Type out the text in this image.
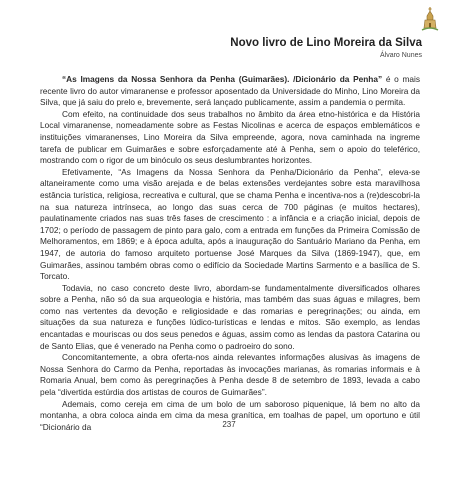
Novo livro de Lino Moreira da Silva
Álvaro Nunes

“As Imagens da Nossa Senhora da Penha (Guimarães). /Dicionário da Penha” é o mais recente livro do autor vimaranense e professor aposentado da Universidade do Minho, Lino Moreira da Silva, que já saiu do prelo e, brevemente, será lançado publicamente, assim a pandemia o permita.

Com efeito, na continuidade dos seus trabalhos no âmbito da área etno-histórica e da História Local vimaranense, nomeadamente sobre as Festas Nicolinas e acerca de espaços emblemáticos e instituições vimaranenses, Lino Moreira da Silva empreende, agora, nova caminhada na ingreme tarefa de publicar em Guimarães e sobre esforçadamente até à Penha, sem o apoio do teleférico, mostrando com o rigor de um binóculo os seus deslumbrantes horizontes.

Efetivamente, “As Imagens da Nossa Senhora da Penha/Dicionário da Penha”, eleva-se altaneiramente como uma visão arejada e de belas extensões verdejantes sobre esta maravilhosa estância turística, religiosa, recreativa e cultural, que se chama Penha e incentiva-nos a (re)descobri-la na sua natureza intrínseca, ao longo das suas cerca de 700 páginas (e muitos hectares), paulatinamente criados nas suas três fases de crescimento : a infância e a criação inicial, depois de 1702; o período de passagem de pinto para galo, com a entrada em funções da Primeira Comissão de Melhoramentos, em 1869; e à época adulta, após a inauguração do Santuário Mariano da Penha, em 1947, de autoria do famoso arquiteto portuense José Marques da Silva (1869-1947), que, em Guimarães, assinou também obras como o edifício da Sociedade Martins Sarmento e a basílica de S. Torcato.

Todavia, no caso concreto deste livro, abordam-se fundamentalmente diversificados olhares sobre a Penha, não só da sua arqueologia e história, mas também das suas águas e milagres, bem como nas vertentes da devoção e religiosidade e das romarias e peregrinações; ou ainda, em situações da sua natureza e funções lúdico-turísticas e lendas e mitos. São exemplo, as lendas encantadas e mouriscas ou dos seus penedos e águas, assim como as lendas da pastora Catarina ou de Santo Elias, que é venerado na Penha como o padroeiro do sono.

Concomitantemente, a obra oferta-nos ainda relevantes informações alusivas às imagens de Nossa Senhora do Carmo da Penha, reportadas às invocações marianas, às romarias informais e à Romaria Anual, bem como às peregrinações à Penha desde 8 de setembro de 1893, levada a cabo pela “divertida estúrdia dos artistas de couros de Guimarães”.

Ademais, como cereja em cima de um bolo de um saboroso piquenique, lá bem no alto da montanha, a obra coloca ainda em cima da mesa granítica, em toalhas de papel, um oportuno e útil “Dicionário da	237
